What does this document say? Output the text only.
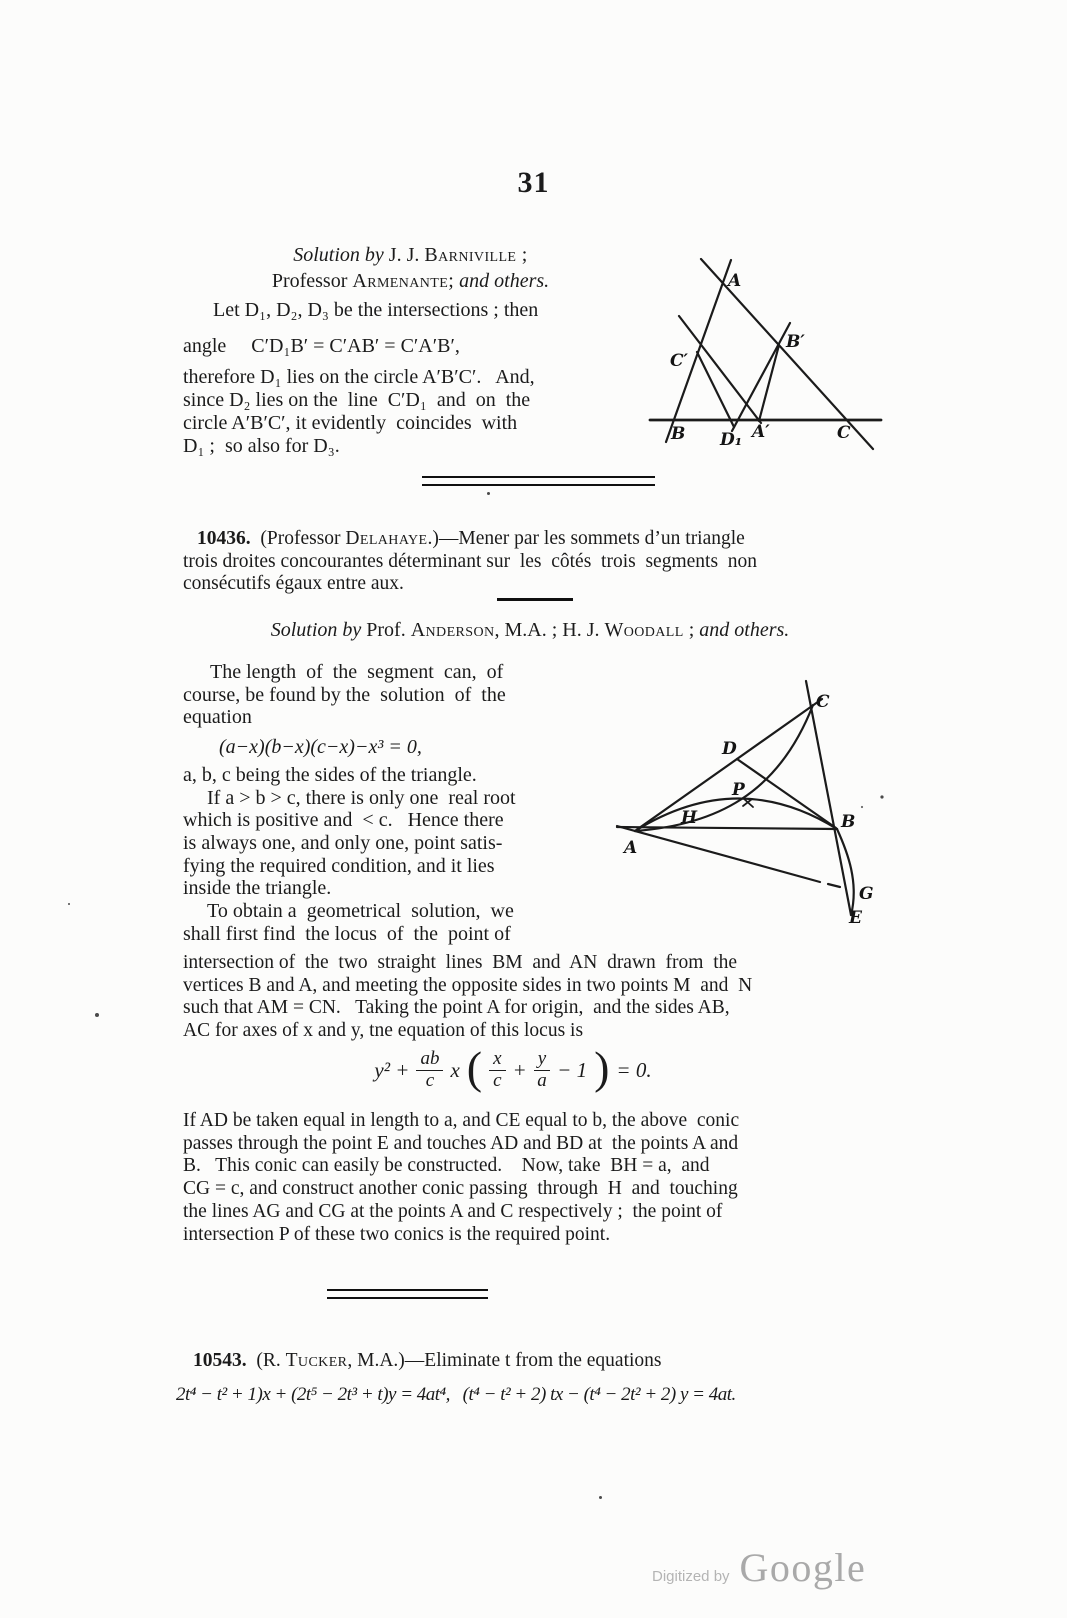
31
Solution by J. J. Barniville ;
Professor Armenante; and others.
Let D₁, D₂, D₃ be the intersections ; then
angle     C′D₁B′ = C′AB′ = C′A′B′,
therefore D₁ lies on the circle A′B′C′.   And,
since D₂ lies on the  line  C′D₁  and  on  the
circle A′B′C′, it evidently  coincides  with
D₁ ;  so also for D₃.
A
B′
C′
B D₁ A′	C
10436.  (Professor Delahaye.)—Mener par les sommets d’un triangle
trois droites concourantes déterminant sur  les  côtés  trois  segments  non
consécutifs égaux entre aux.
Solution by Prof. Anderson, M.A. ; H. J. Woodall ; and others.
The length  of  the  segment  can,  of
course, be found by the  solution  of  the
equation
(a−x)(b−x)(c−x)−x³ = 0,
a, b, c being the sides of the triangle.
If a > b > c, there is only one  real root
which is positive and  < c.   Hence there
is always one, and only one, point satis-
fying the required condition, and it lies
inside the triangle.
To obtain a  geometrical  solution,  we
shall first find  the locus  of  the  point of
C
D
P
H
A
B
G
E
intersection of  the  two  straight  lines  BM  and  AN  drawn  from  the
vertices B and A, and meeting the opposite sides in two points M  and  N
such that AM = CN.   Taking the point A for origin,  and the sides AB,
AC for axes of x and y, tne equation of this locus is
$y^2 + \frac{ab}{c}$ x ( $\frac{x}{c} + \frac{y}{a} - 1$ ) = 0.
If AD be taken equal in length to a, and CE equal to b, the above  conic
passes through the point E and touches AD and BD at  the points A and
B.   This conic can easily be constructed.    Now, take  BH = a,  and
CG = c, and construct another conic passing  through  H  and  touching
the lines AG and CG at the points A and C respectively ;  the point of
intersection P of these two conics is the required point.
10543.  (R. Tucker, M.A.)—Eliminate t from the equations
2t⁴ − t² + 1)x + (2t⁵ − 2t³ + t)y = 4at⁴,   (t⁴ − t² + 2) tx − (t⁴ − 2t² + 2) y = 4at.
Digitized by Google
